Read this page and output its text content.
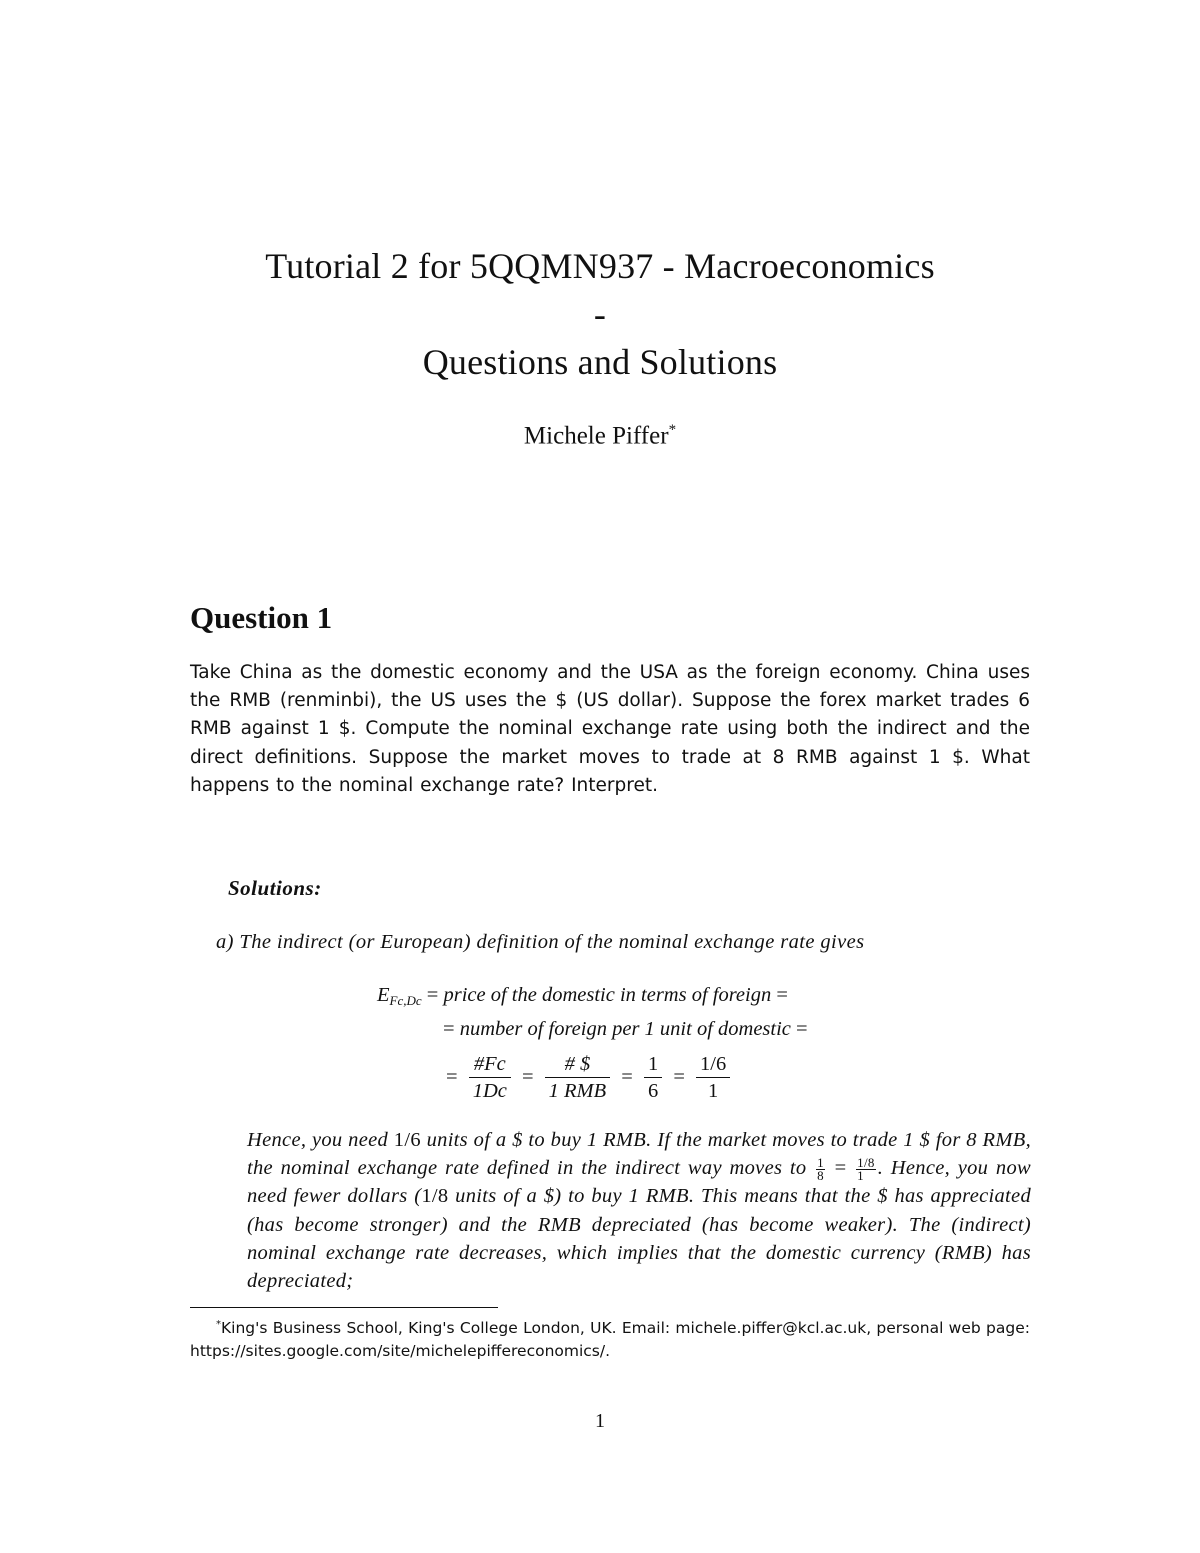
Tutorial 2 for 5QQMN937 - Macroeconomics
-
Questions and Solutions
Michele Piffer*
Question 1
Take China as the domestic economy and the USA as the foreign economy. China uses the RMB (renminbi), the US uses the $ (US dollar). Suppose the forex market trades 6 RMB against 1 $. Compute the nominal exchange rate using both the indirect and the direct definitions. Suppose the market moves to trade at 8 RMB against 1 $. What happens to the nominal exchange rate? Interpret.
Solutions:
a) The indirect (or European) definition of the nominal exchange rate gives
$E_{Fc,Dc}$ = price of the domestic in terms of foreign =
= number of foreign per 1 unit of domestic =
= $\frac{\#Fc}{1Dc} = \frac{\# \$}{\text{1 RMB}} = \frac{1}{6} = \frac{1/6}{1}$
Hence, you need 1/6 units of a $ to buy 1 RMB. If the market moves to trade 1 $ for 8 RMB, the nominal exchange rate defined in the indirect way moves to $\frac{1}{8} = \frac{1/8}{1}$ . Hence, you now need fewer dollars (1/8 units of a $) to buy 1 RMB. This means that the $ has appreciated (has become stronger) and the RMB depreciated (has become weaker). The (indirect) nominal exchange rate decreases, which implies that the domestic currency (RMB) has depreciated;
*King's Business School, King's College London, UK. Email: michele.piffer@kcl.ac.uk, personal web page: https://sites.google.com/site/michelepiffereconomics/.
1
